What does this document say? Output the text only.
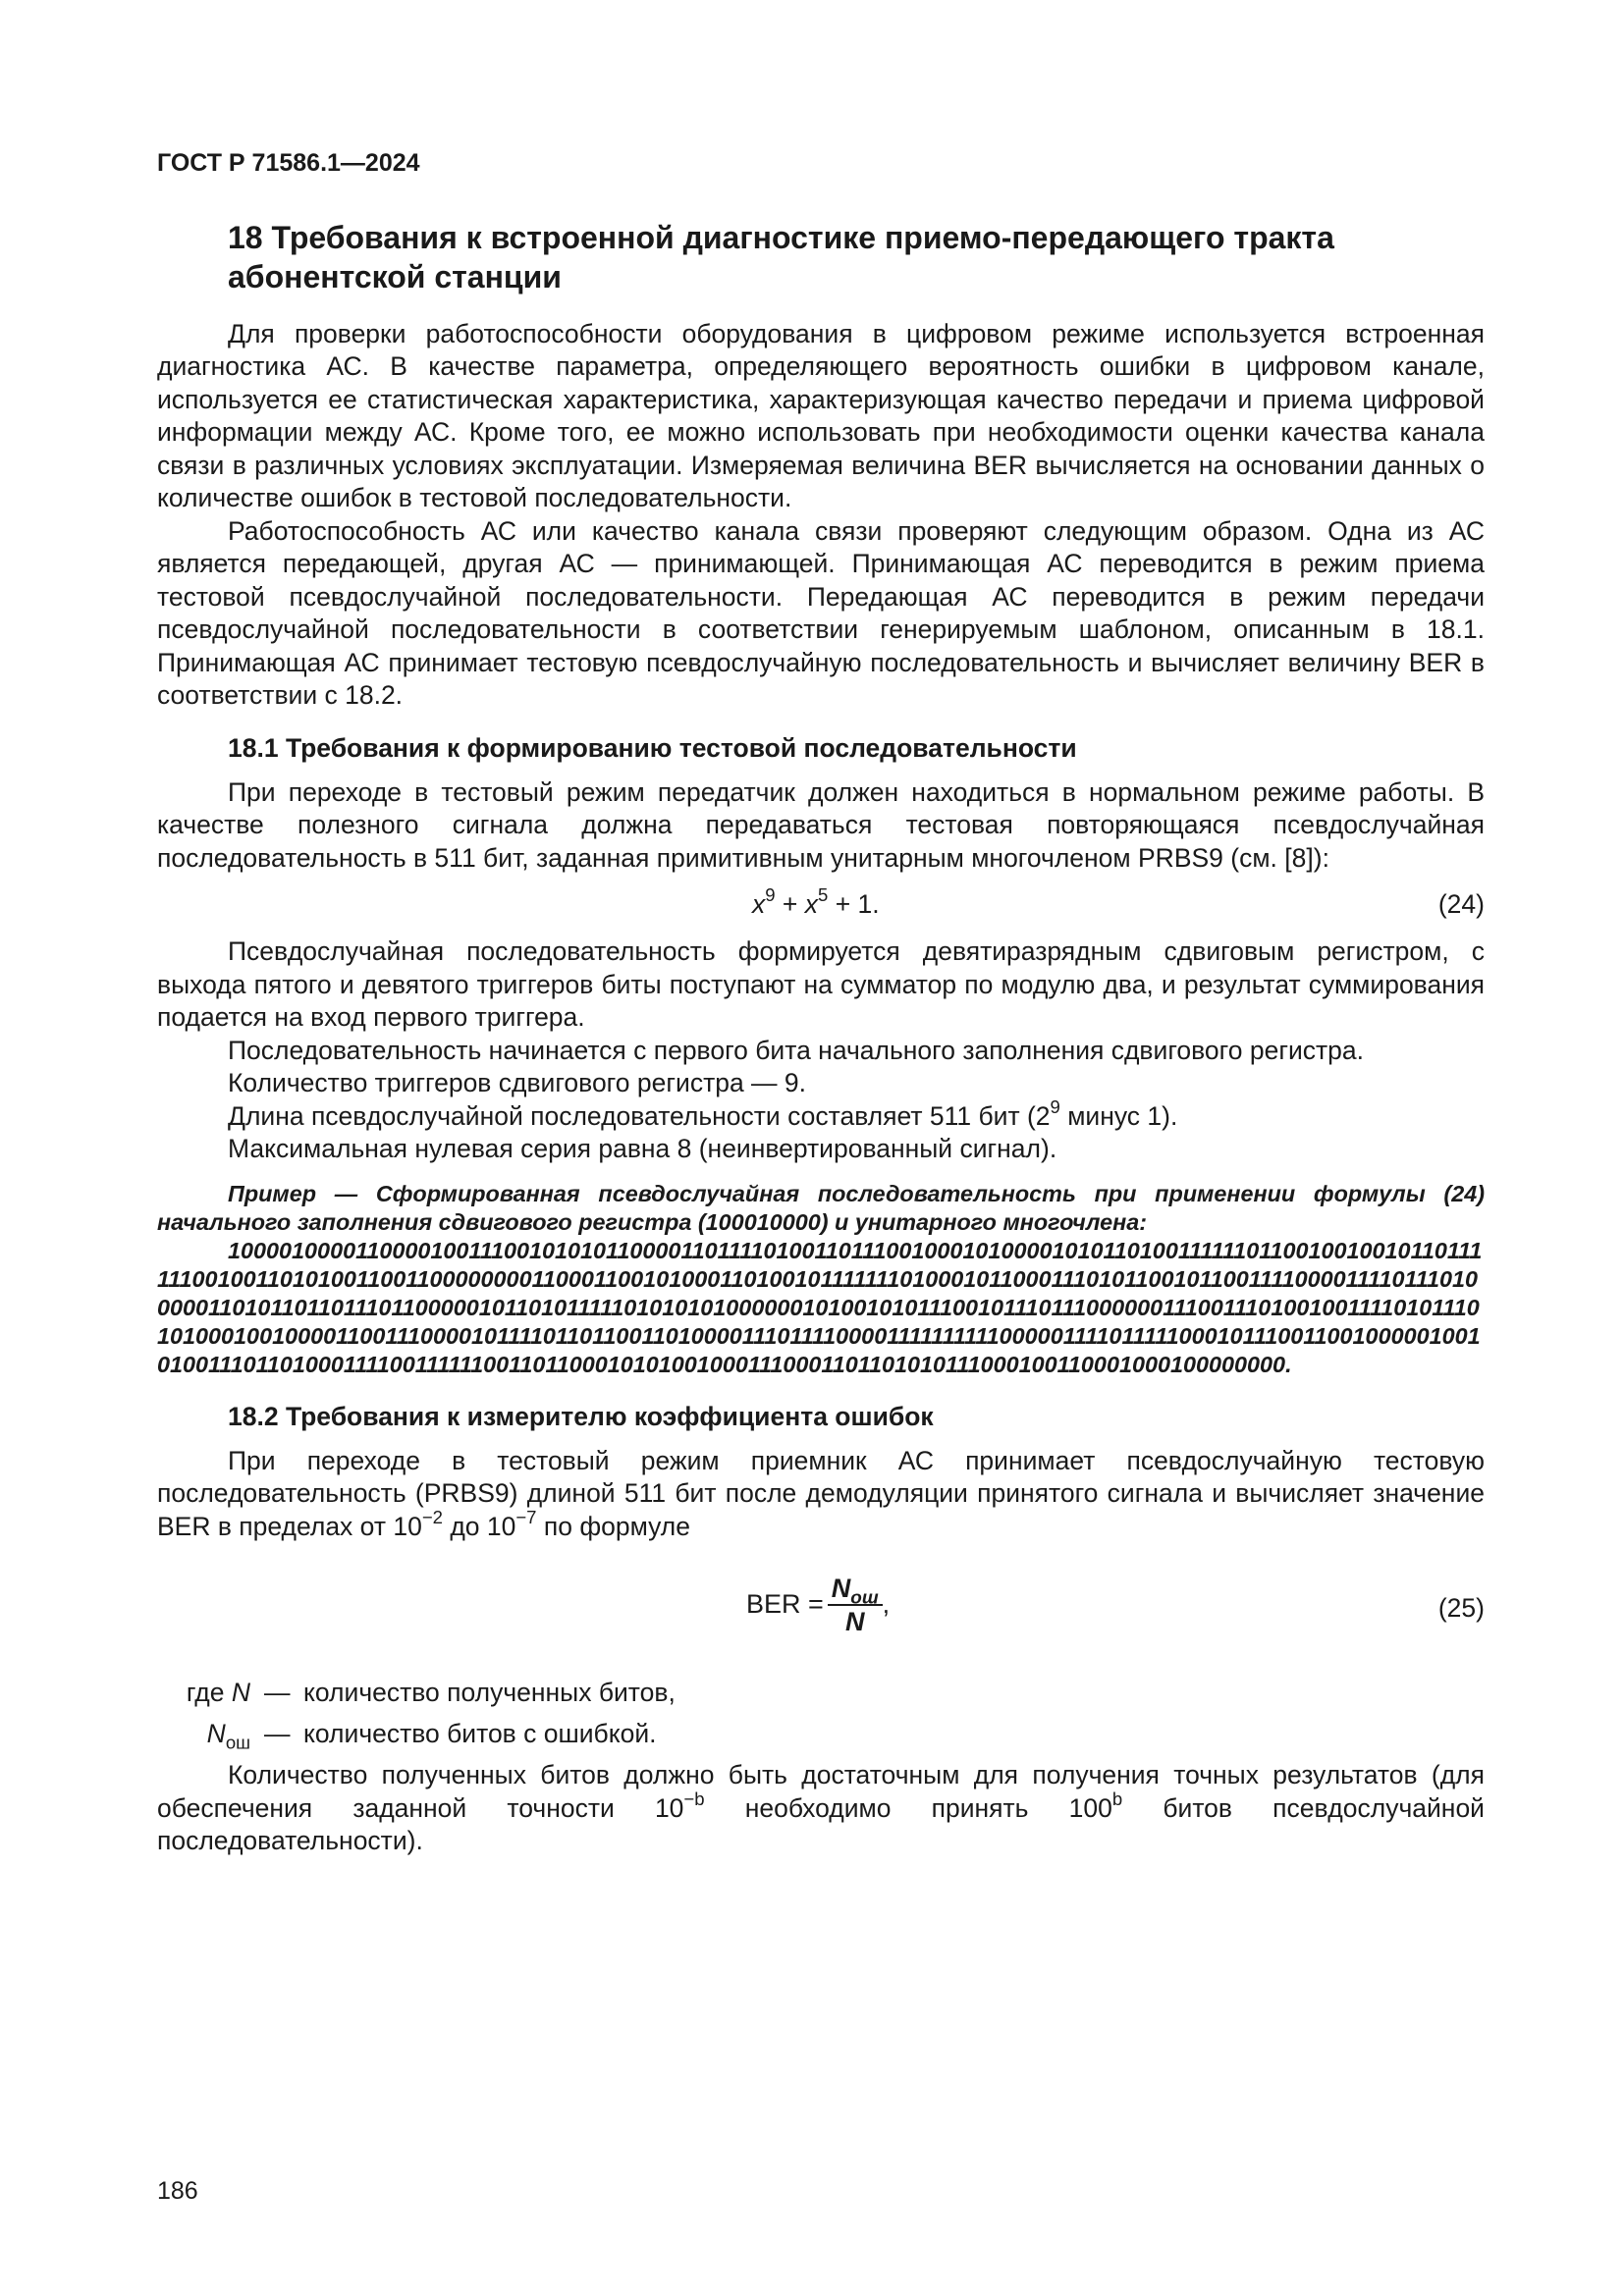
ГОСТ Р 71586.1—2024
18 Требования к встроенной диагностике приемо-передающего тракта
абонентской станции

Для проверки работоспособности оборудования в цифровом режиме используется встроенная диагностика АС. В качестве параметра, определяющего вероятность ошибки в цифровом канале, используется ее статистическая характеристика, характеризующая качество передачи и приема цифровой информации между АС. Кроме того, ее можно использовать при необходимости оценки качества канала связи в различных условиях эксплуатации. Измеряемая величина BER вычисляется на основании данных о количестве ошибок в тестовой последовательности.

Работоспособность АС или качество канала связи проверяют следующим образом. Одна из АС является передающей, другая АС — принимающей. Принимающая АС переводится в режим приема тестовой псевдослучайной последовательности. Передающая АС переводится в режим передачи псевдослучайной последовательности в соответствии генерируемым шаблоном, описанным в 18.1. Принимающая АС принимает тестовую псевдослучайную последовательность и вычисляет величину BER в соответствии с 18.2.

18.1 Требования к формированию тестовой последовательности

При переходе в тестовый режим передатчик должен находиться в нормальном режиме работы. В качестве полезного сигнала должна передаваться тестовая повторяющаяся псевдослучайная последовательность в 511 бит, заданная примитивным унитарным многочленом PRBS9 (см. [8]):

$x^9 + x^5 + 1$.	(24)

Псевдослучайная последовательность формируется девятиразрядным сдвиговым регистром, с выхода пятого и девятого триггеров биты поступают на сумматор по модулю два, и результат суммирования подается на вход первого триггера.

Последовательность начинается с первого бита начального заполнения сдвигового регистра.

Количество триггеров сдвигового регистра — 9.

Длина псевдослучайной последовательности составляет 511 бит ($2^9$ минус 1).

Максимальная нулевая серия равна 8 (неинвертированный сигнал).

Пример — Сформированная псевдослучайная последовательность при применении формулы (24) начального заполнения сдвигового регистра (100010000) и унитарного многочлена:

1000010000110000100111001010101100001101111010011011100100010100001010110100111111011001001001011011111100100110101001100110000000011000110010100011010010111111101000101100011101011001011001111000011110111010000011010110110111011000001011010111110101010100000010100101011100101110111000000111001110100100111101011101010001001000011001110000101111011011001101000011101111000011111111110000011110111110001011100110010000010010100111011010001111001111110011011000101010010001110001101101010111000100110001000100000000.

18.2 Требования к измерителю коэффициента ошибок

При переходе в тестовый режим приемник АС принимает псевдослучайную тестовую последовательность (PRBS9) длиной 511 бит после демодуляции принятого сигнала и вычисляет значение BER в пределах от $10^{-2}$ до $10^{-7}$ по формуле

BER = $\frac{N_{ош}}{N}$ ,	(25)
где N — количество полученных битов,
$N_{ош}$ — количество битов с ошибкой.

Количество полученных битов должно быть достаточным для получения точных результатов (для обеспечения заданной точности $10^{-b}$ необходимо принять 100$^b$ битов псевдослучайной последовательности).

186
